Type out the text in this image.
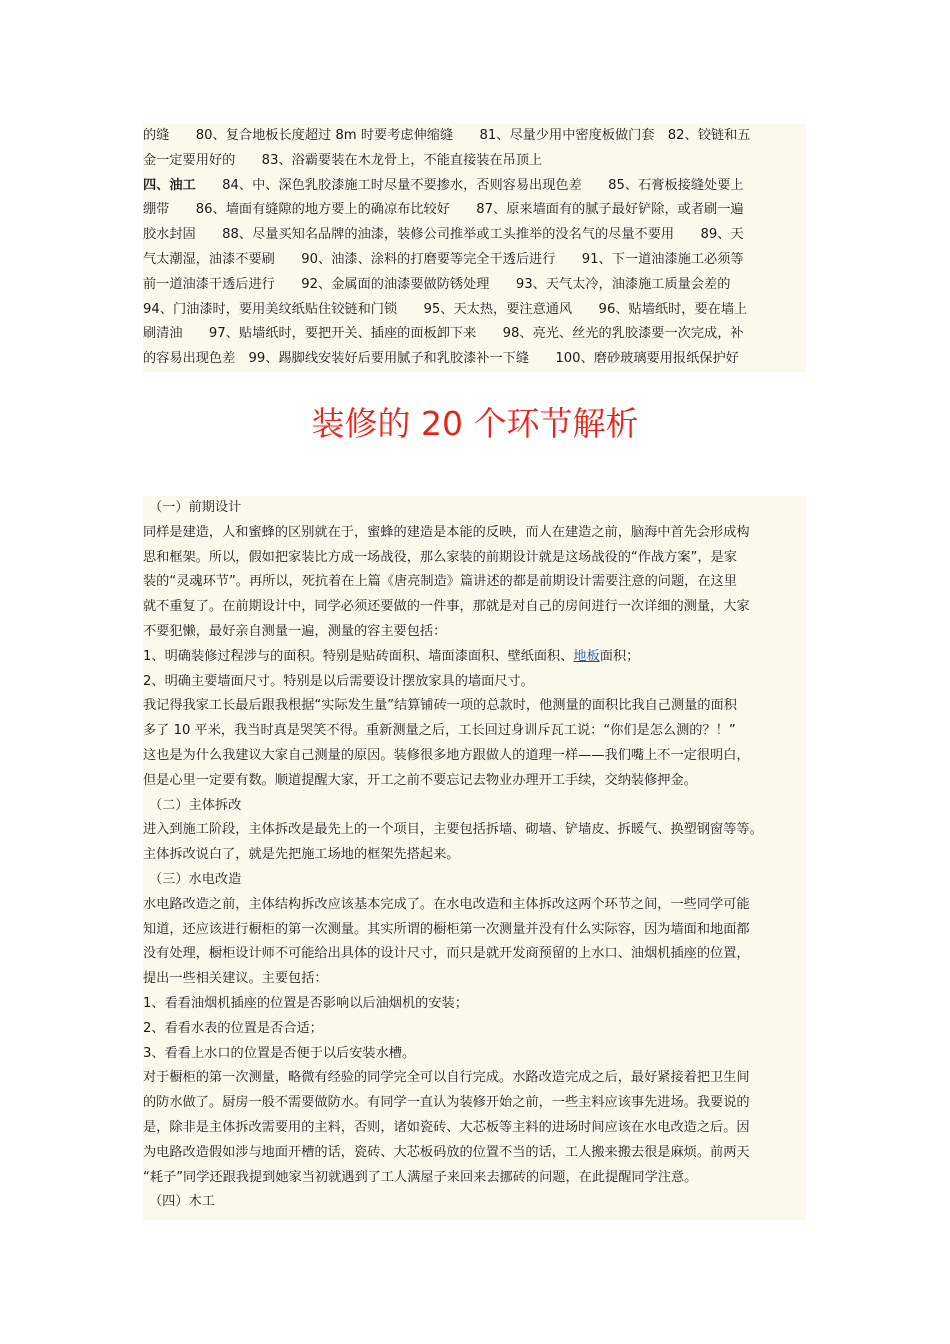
的缝　　80、复合地板长度超过 8m 时要考虑伸缩缝　　81、尽量少用中密度板做门套　82、铰链和五
金一定要用好的　　83、浴霸要装在木龙骨上，不能直接装在吊顶上
四、油工　　84、中、深色乳胶漆施工时尽量不要掺水，否则容易出现色差　　85、石膏板接缝处要上
绷带　　86、墙面有缝隙的地方要上的确凉布比较好　　87、原来墙面有的腻子最好铲除，或者刷一遍
胶水封固　　88、尽量买知名品牌的油漆，装修公司推举或工头推举的没名气的尽量不要用　　89、天
气太潮湿，油漆不要刷　　90、油漆、涂料的打磨要等完全干透后进行　　91、下一道油漆施工必须等
前一道油漆干透后进行　　92、金属面的油漆要做防锈处理　　93、天气太冷，油漆施工质量会差的
94、门油漆时，要用美纹纸贴住铰链和门锁　　95、天太热，要注意通风　　96、贴墙纸时，要在墙上
刷清油　　97、贴墙纸时，要把开关、插座的面板卸下来　　98、亮光、丝光的乳胶漆要一次完成，补
的容易出现色差　99、踢脚线安装好后要用腻子和乳胶漆补一下缝　　100、磨砂玻璃要用报纸保护好
装修的 20 个环节解析
（一）前期设计
同样是建造，人和蜜蜂的区别就在于，蜜蜂的建造是本能的反映，而人在建造之前，脑海中首先会形成构
思和框架。所以，假如把家装比方成一场战役，那么家装的前期设计就是这场战役的“作战方案”，是家
装的“灵魂环节”。再所以，死抗着在上篇《唐亮制造》篇讲述的都是前期设计需要注意的问题，在这里
就不重复了。在前期设计中，同学必须还要做的一件事，那就是对自己的房间进行一次详细的测量，大家
不要犯懒，最好亲自测量一遍，测量的容主要包括：
1、明确装修过程涉与的面积。特别是贴砖面积、墙面漆面积、壁纸面积、地板面积；
2、明确主要墙面尺寸。特别是以后需要设计摆放家具的墙面尺寸。
我记得我家工长最后跟我根据“实际发生量”结算铺砖一项的总款时，他测量的面积比我自己测量的面积
多了 10 平米，我当时真是哭笑不得。重新测量之后，工长回过身训斥瓦工说：“你们是怎么测的？！”
这也是为什么我建议大家自己测量的原因。装修很多地方跟做人的道理一样——我们嘴上不一定很明白，
但是心里一定要有数。顺道提醒大家，开工之前不要忘记去物业办理开工手续，交纳装修押金。
（二）主体拆改
进入到施工阶段，主体拆改是最先上的一个项目，主要包括拆墙、砌墙、铲墙皮、拆暖气、换塑钢窗等等。
主体拆改说白了，就是先把施工场地的框架先搭起来。
（三）水电改造
水电路改造之前，主体结构拆改应该基本完成了。在水电改造和主体拆改这两个环节之间，一些同学可能
知道，还应该进行橱柜的第一次测量。其实所谓的橱柜第一次测量并没有什么实际容，因为墙面和地面都
没有处理，橱柜设计师不可能给出具体的设计尺寸，而只是就开发商预留的上水口、油烟机插座的位置，
提出一些相关建议。主要包括：
1、看看油烟机插座的位置是否影响以后油烟机的安装；
2、看看水表的位置是否合适；
3、看看上水口的位置是否便于以后安装水槽。
对于橱柜的第一次测量，略微有经验的同学完全可以自行完成。水路改造完成之后，最好紧接着把卫生间
的防水做了。厨房一般不需要做防水。有同学一直认为装修开始之前，一些主料应该事先进场。我要说的
是，除非是主体拆改需要用的主料，否则，诸如瓷砖、大芯板等主料的进场时间应该在水电改造之后。因
为电路改造假如涉与地面开槽的话，瓷砖、大芯板码放的位置不当的话，工人搬来搬去很是麻烦。前两天
“耗子”同学还跟我提到她家当初就遇到了工人满屋子来回来去挪砖的问题，在此提醒同学注意。
（四）木工
